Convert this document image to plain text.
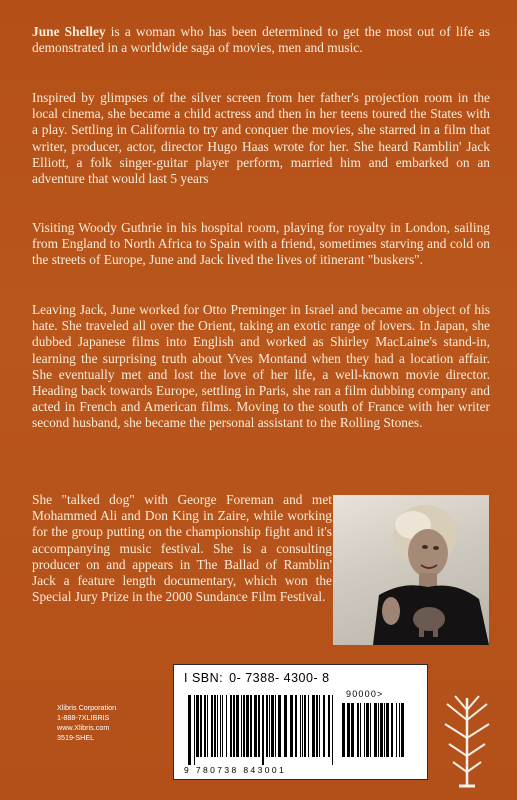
June Shelley is a woman who has been determined to get the most out of life as demonstrated in a worldwide saga of movies, men and music.

Inspired by glimpses of the silver screen from her father's projection room in the local cinema, she became a child actress and then in her teens toured the States with a play. Settling in California to try and conquer the movies, she starred in a film that writer, producer, actor, director Hugo Haas wrote for her. She heard Ramblin' Jack Elliott, a folk singer-guitar player perform, married him and embarked on an adventure that would last 5 years

Visiting Woody Guthrie in his hospital room, playing for royalty in London, sailing from England to North Africa to Spain with a friend, sometimes starving and cold on the streets of Europe, June and Jack lived the lives of itinerant "buskers".

Leaving Jack, June worked for Otto Preminger in Israel and became an object of his hate. She traveled all over the Orient, taking an exotic range of lovers. In Japan, she dubbed Japanese films into English and worked as Shirley MacLaine's stand-in, learning the surprising truth about Yves Montand when they had a location affair. She eventually met and lost the love of her life, a well-known movie director. Heading back towards Europe, settling in Paris, she ran a film dubbing company and acted in French and American films. Moving to the south of France with her writer second husband, she became the personal assistant to the Rolling Stones.

She "talked dog" with George Foreman and met Mohammed Ali and Don King in Zaire, while working for the group putting on the championship fight and it's accompanying music festival. She is a consulting producer on and appears in The Ballad of Ramblin' Jack a feature length documentary, which won the Special Jury Prize in the 2000 Sundance Film Festival.

Xlibris Corporation
1-888-7XLIBRIS
www.Xlibris.com
3519-SHEL
I SBN: 0- 7388- 4300- 8
90000>
9 780738 843001
